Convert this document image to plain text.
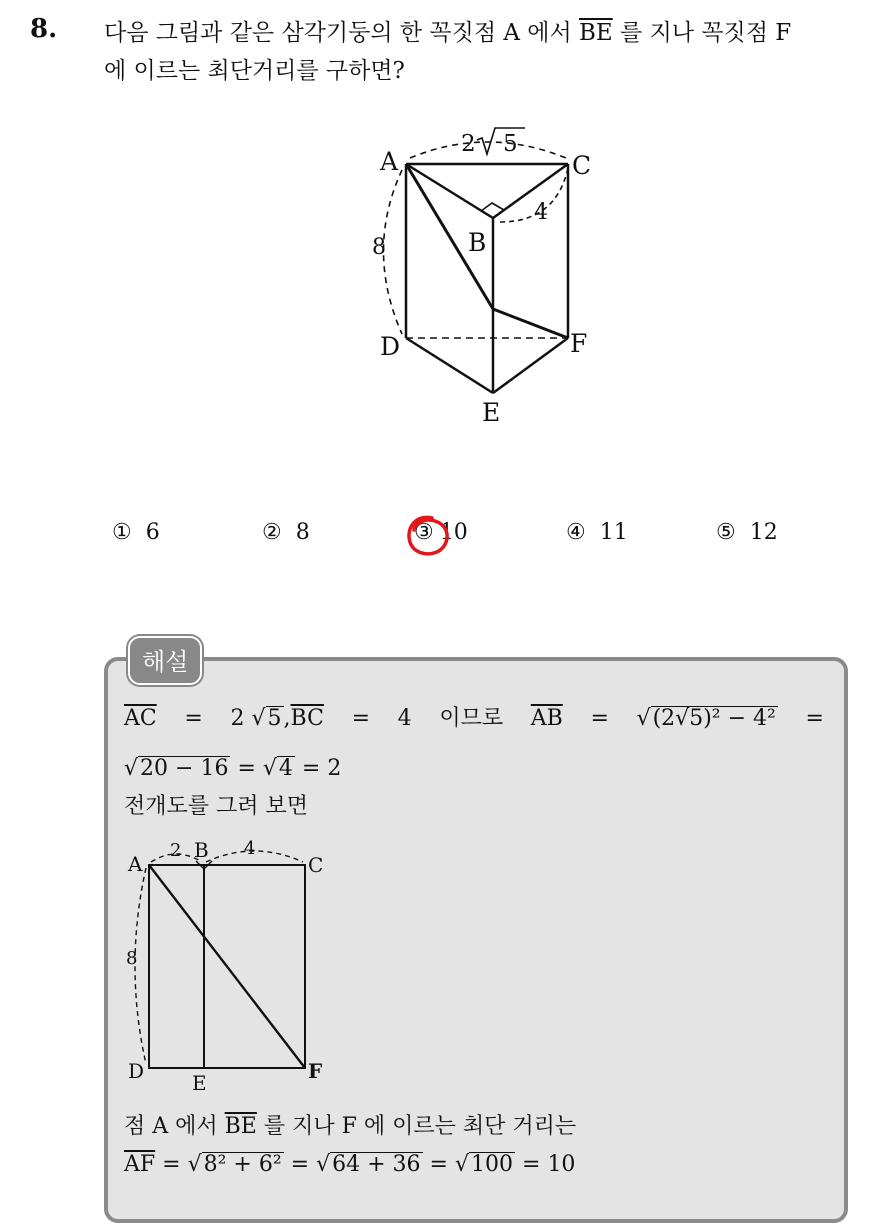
8. 다음 그림과 같은 삼각기둥의 한 꼭짓점 A 에서 $\overline{BE}$ 를 지나 꼭짓점 F
에 이르는 최단거리를 구하면?
A	C
B
D	F
E
2 5
4
8
① 6	② 8	③ 10	④ 11	⑤ 12
해설
$\overline{AC} = 2$ $√5,\overline{BC} = 4$ 이므로 $\overline{AB} = √(2√5)^2 - 4^2$ =
√20 − 16 = √4 = 2
전개도를 그려 보면
A
B
C
D E	F
2	4
8
점 A 에서 $\overline{BE}$ 를 지나 F 에 이르는 최단 거리는
$\overline{AF} = √8^2 + 6^2 = √64 + 36 = √100 = 10$
